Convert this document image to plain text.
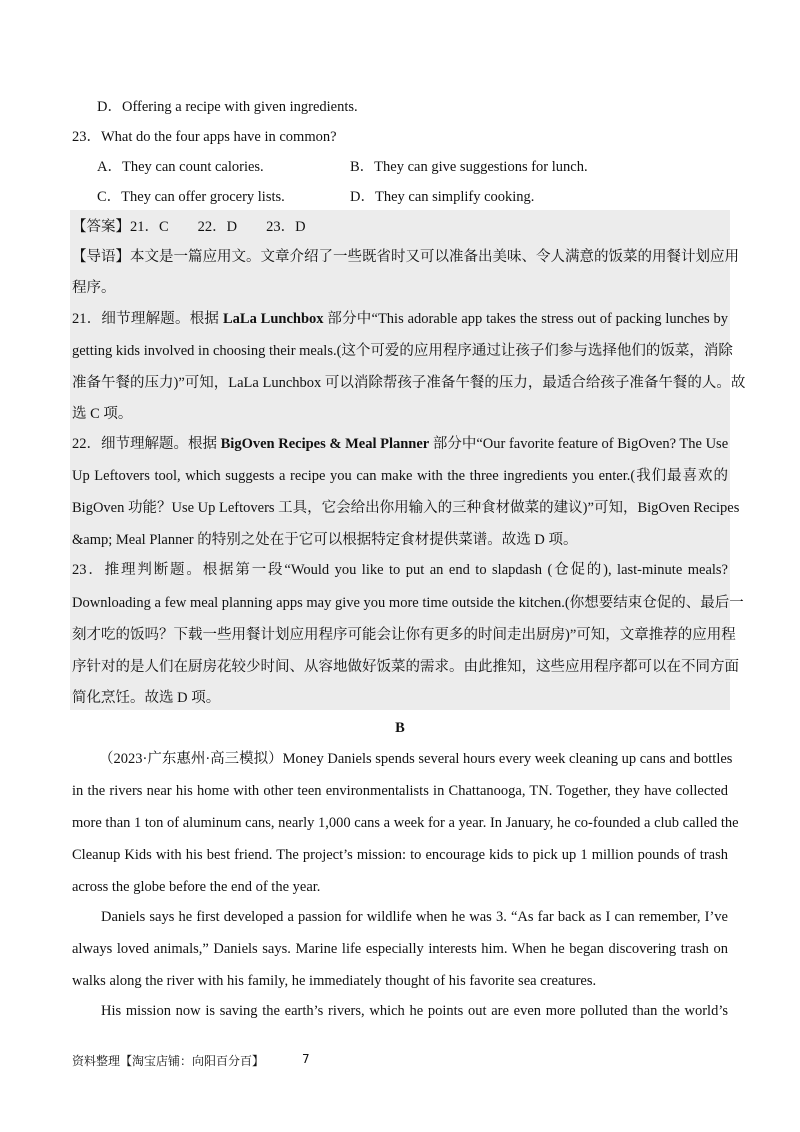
D．Offering a recipe with given ingredients.
23．What do the four apps have in common?
A．They can count calories.	B．They can give suggestions for lunch.
C．They can offer grocery lists.	D．They can simplify cooking.
【答案】21．C　　22．D　　23．D
【导语】本文是一篇应用文。文章介绍了一些既省时又可以准备出美味、令人满意的饭菜的用餐计划应用
程序。
21．细节理解题。根据 LaLa Lunchbox 部分中“This adorable app takes the stress out of packing lunches by
getting kids involved in choosing their meals.(这个可爱的应用程序通过让孩子们参与选择他们的饭菜，消除
准备午餐的压力)”可知，LaLa Lunchbox 可以消除帮孩子准备午餐的压力，最适合给孩子准备午餐的人。故
选 C 项。
22．细节理解题。根据 BigOven Recipes & Meal Planner 部分中“Our favorite feature of BigOven? The Use
Up Leftovers tool, which suggests a recipe you can make with the three ingredients you enter.(我们最喜欢的
BigOven 功能？Use Up Leftovers 工具，它会给出你用输入的三种食材做菜的建议)”可知，BigOven Recipes
&amp; Meal Planner 的特别之处在于它可以根据特定食材提供菜谱。故选 D 项。
23．推理判断题。根据第一段“Would you like to put an end to slapdash (仓促的), last-minute meals?
Downloading a few meal planning apps may give you more time outside the kitchen.(你想要结束仓促的、最后一
刻才吃的饭吗？下载一些用餐计划应用程序可能会让你有更多的时间走出厨房)”可知，文章推荐的应用程
序针对的是人们在厨房花较少时间、从容地做好饭菜的需求。由此推知，这些应用程序都可以在不同方面
简化烹饪。故选 D 项。
B
（2023·广东惠州·高三模拟）Money Daniels spends several hours every week cleaning up cans and bottles
in the rivers near his home with other teen environmentalists in Chattanooga, TN. Together, they have collected
more than 1 ton of aluminum cans, nearly 1,000 cans a week for a year. In January, he co-founded a club called the
Cleanup Kids with his best friend. The project’s mission: to encourage kids to pick up 1 million pounds of trash
across the globe before the end of the year.
Daniels says he first developed a passion for wildlife when he was 3. “As far back as I can remember, I’ve
always loved animals,” Daniels says. Marine life especially interests him. When he began discovering trash on
walks along the river with his family, he immediately thought of his favorite sea creatures.
His mission now is saving the earth’s rivers, which he points out are even more polluted than the world’s
资料整理【淘宝店铺：向阳百分百】	7
